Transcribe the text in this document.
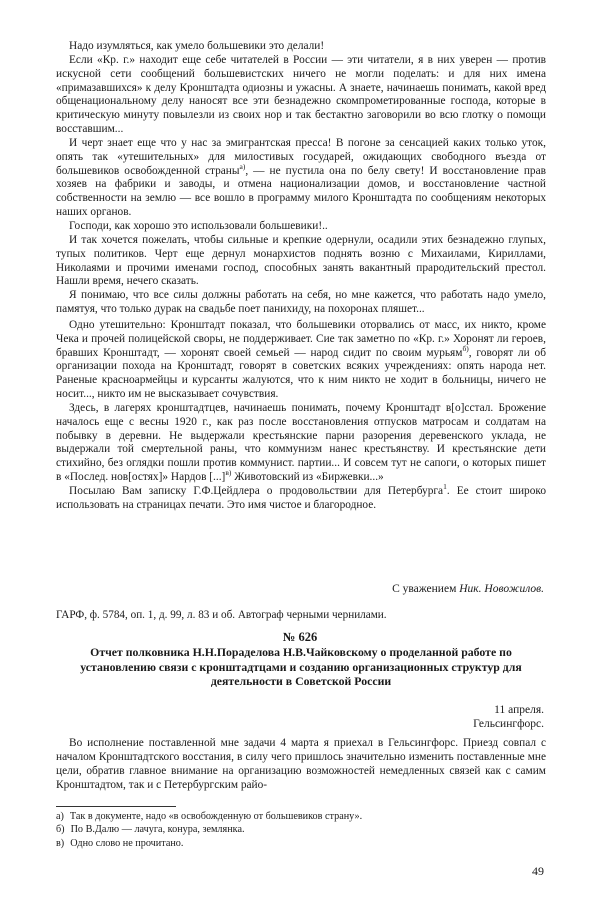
Надо изумляться, как умело большевики это делали!

Если «Кр. г.» находит еще себе читателей в России — эти читатели, я в них уверен — против искусной сети сообщений большевистских ничего не могли поделать: и для них имена «примазавшихся» к делу Кронштадта одиозны и ужасны. А знаете, начинаешь понимать, какой вред общенациональному делу наносят все эти безнадежно скомпрометированные господа, которые в критическую минуту повылезли из своих нор и так бестактно заговорили во всю глотку о помощи восставшим...

И черт знает еще что у нас за эмигрантская пресса! В погоне за сенсацией каких только уток, опять так «утешительных» для милостивых государей, ожидающих свободного въезда от большевиков освобожденной страны$^{а)}$, — не пустила она по белу свету! И восстановление прав хозяев на фабрики и заводы, и отмена национализации домов, и восстановление частной собственности на землю — все вошло в программу милого Кронштадта по сообщениям некоторых наших органов.

Господи, как хорошо это использовали большевики!..

И так хочется пожелать, чтобы сильные и крепкие одернули, осадили этих безнадежно глупых, тупых политиков. Черт еще дернул монархистов поднять возню с Михаилами, Кириллами, Николаями и прочими именами господ, способных занять вакантный прародительский престол. Нашли время, нечего сказать.

Я понимаю, что все силы должны работать на себя, но мне кажется, что работать надо умело, памятуя, что только дурак на свадьбе поет панихиду, на похоронах пляшет...

Одно утешительно: Кронштадт показал, что большевики оторвались от масс, их никто, кроме Чека и прочей полицейской своры, не поддерживает. Сие так заметно по «Кр. г.» Хоронят ли героев, бравших Кронштадт, — хоронят своей семьей — народ сидит по своим мурьям$^{б)}$, говорят ли об организации похода на Кронштадт, говорят в советских всяких учреждениях: опять народа нет. Раненые красноармейцы и курсанты жалуются, что к ним никто не ходит в больницы, ничего не носит..., никто им не высказывает сочувствия.

Здесь, в лагерях кронштадтцев, начинаешь понимать, почему Кронштадт в[о]сстал. Брожение началось еще с весны 1920 г., как раз после восстановления отпусков матросам и солдатам на побывку в деревни. Не выдержали крестьянские парни разорения деревенского уклада, не выдержали той смертельной раны, что коммунизм нанес крестьянству. И крестьянские дети стихийно, без оглядки пошли против коммунист. партии... И совсем тут не сапоги, о которых пишет в «Послед. нов[остях]» Нардов [...]$^{в)}$ Животовский из «Биржевки...»

Посылаю Вам записку Г.Ф.Цейдлера о продовольствии для Петербурга$^1$. Ее стоит широко использовать на страницах печати. Это имя чистое и благородное.

С уважением Ник. Новожилов.
ГАРФ, ф. 5784, оп. 1, д. 99, л. 83 и об. Автограф черными чернилами.
№ 626
Отчет полковника Н.Н.Пораделова Н.В.Чайковскому о проделанной работе по установлению связи с кронштадтцами и созданию организационных структур для деятельности в Советской России
11 апреля.
Гельсингфорс.

Во исполнение поставленной мне задачи 4 марта я приехал в Гельсингфорс. Приезд совпал с началом Кронштадтского восстания, в силу чего пришлось значительно изменить поставленные мне цели, обратив главное внимание на организацию возможностей немедленных связей как с самим Кронштадтом, так и с Петербургским райо-

а) Так в документе, надо «в освобожденную от большевиков страну».
б) По В.Далю — лачуга, конура, землянка.
в) Одно слово не прочитано.
49
